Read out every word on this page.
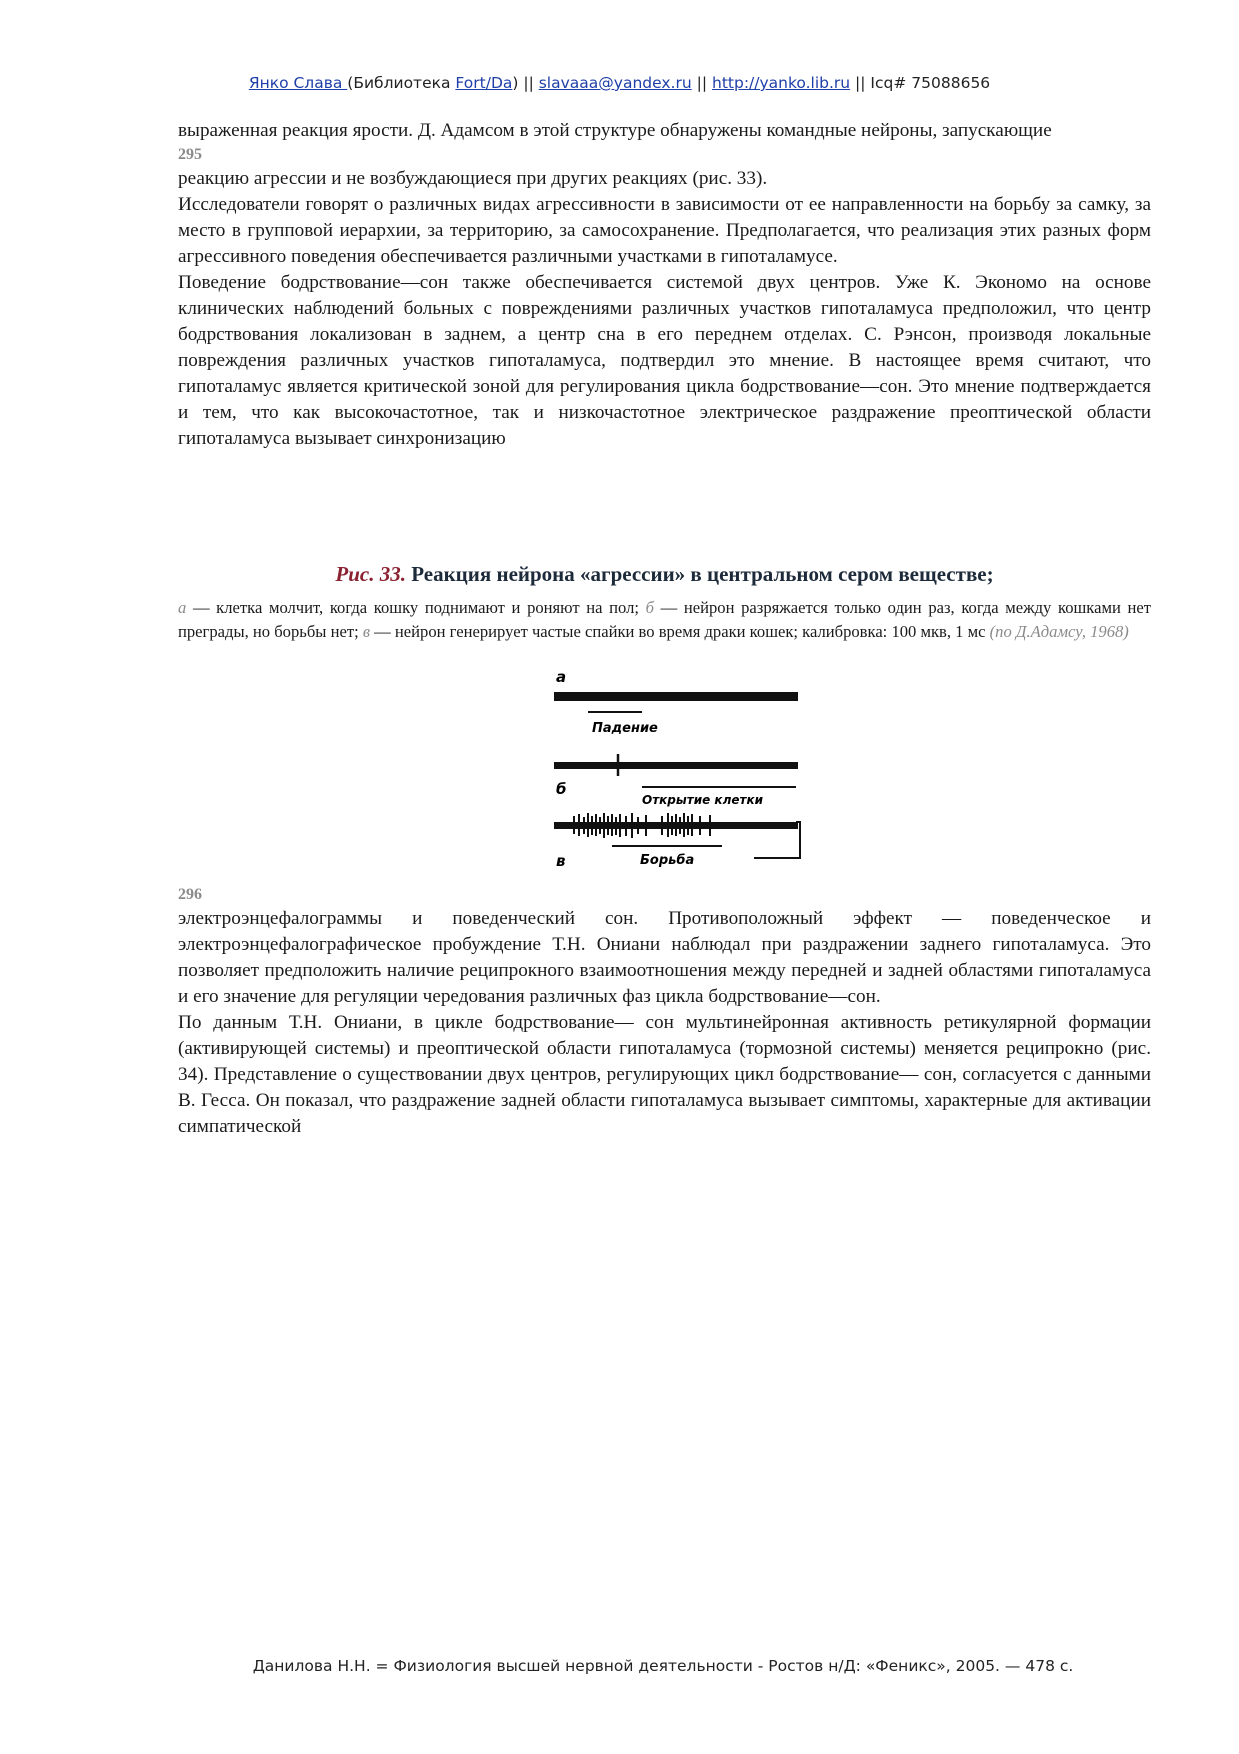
Янко Слава (Библиотека Fort/Da) || slavaaa@yandex.ru || http://yanko.lib.ru || Icq# 75088656

выраженная реакция ярости. Д. Адамсом в этой структуре обнаружены командные нейроны, запускающие

295

реакцию агрессии и не возбуждающиеся при других реакциях (рис. 33).

Исследователи говорят о различных видах агрессивности в зависимости от ее направленности на борьбу за самку, за место в групповой иерархии, за территорию, за самосохранение. Предполагается, что реализация этих разных форм агрессивного поведения обеспечивается различными участками в гипоталамусе.

Поведение бодрствование—сон также обеспечивается системой двух центров. Уже К. Экономо на основе клинических наблюдений больных с повреждениями различных участков гипоталамуса предположил, что центр бодрствования локализован в заднем, а центр сна в его переднем отделах. С. Рэнсон, производя локальные повреждения различных участков гипоталамуса, подтвердил это мнение. В настоящее время считают, что гипоталамус является критической зоной для регулирования цикла бодрствование—сон. Это мнение подтверждается и тем, что как высокочастотное, так и низкочастотное электрическое раздражение преоптической области гипоталамуса вызывает синхронизацию

Рис. 33. Реакция нейрона «агрессии» в центральном сером веществе;

а — клетка молчит, когда кошку поднимают и роняют на пол; б — нейрон разряжается только один раз, когда между кошками нет преграды, но борьбы нет; в — нейрон генерирует частые спайки во время драки кошек; калибровка: 100 мкв, 1 мс (по Д.Адамсу, 1968)

а
Падение
б
Открытие клетки
в	Борьба
296

электроэнцефалограммы и поведенческий сон. Противоположный эффект — поведенческое и электроэнцефалографическое пробуждение Т.Н. Ониани наблюдал при раздражении заднего гипоталамуса. Это позволяет предположить наличие реципрокного взаимоотношения между передней и задней областями гипоталамуса и его значение для регуляции чередования различных фаз цикла бодрствование—сон.

По данным Т.Н. Ониани, в цикле бодрствование— сон мультинейронная активность ретикулярной формации (активирующей системы) и преоптической области гипоталамуса (тормозной системы) меняется реципрокно (рис. 34). Представление о существовании двух центров, регулирующих цикл бодрствование— сон, согласуется с данными В. Гесса. Он показал, что раздражение задней области гипоталамуса вызывает симптомы, характерные для активации симпатической

Данилова Н.Н. = Физиология высшей нервной деятельности - Ростов н/Д: «Феникс», 2005. — 478 с.
